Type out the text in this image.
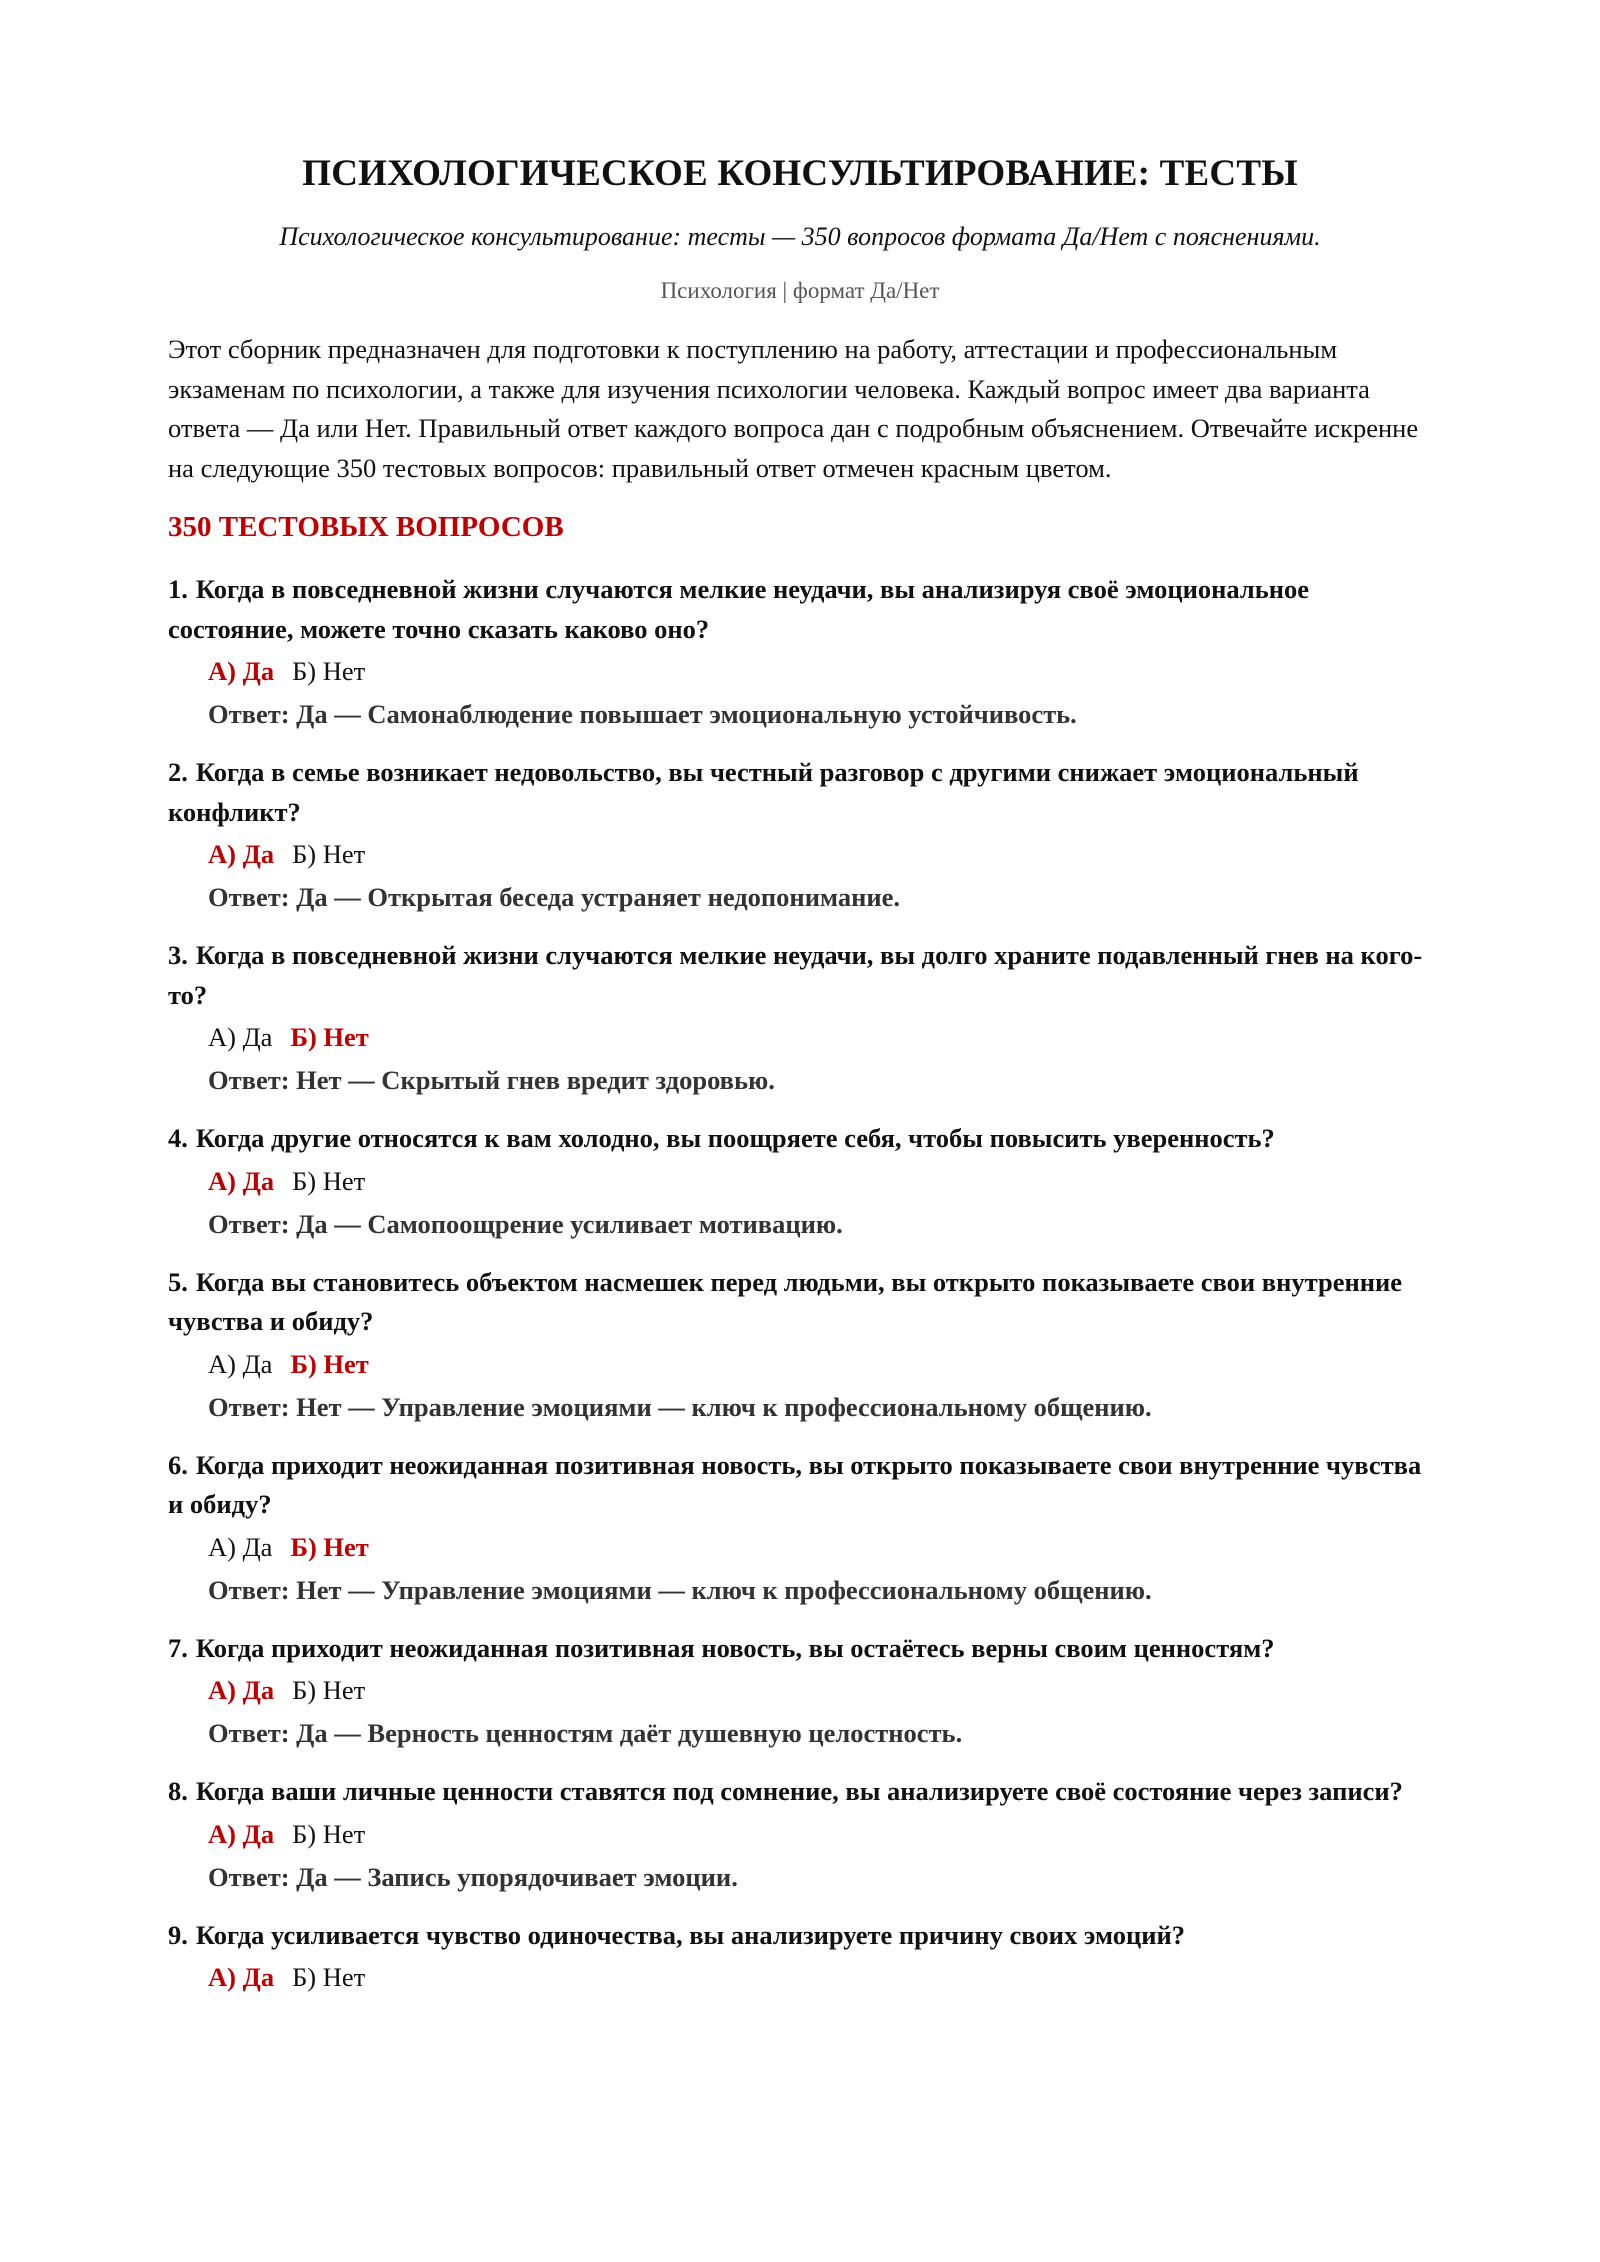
ПСИХОЛОГИЧЕСКОЕ КОНСУЛЬТИРОВАНИЕ: ТЕСТЫ

Психологическое консультирование: тесты — 350 вопросов формата Да/Нет с пояснениями.

Психология | формат Да/Нет

Этот сборник предназначен для подготовки к поступлению на работу, аттестации и профессиональным экзаменам по психологии, а также для изучения психологии человека. Каждый вопрос имеет два варианта ответа — Да или Нет. Правильный ответ каждого вопроса дан с подробным объяснением. Отвечайте искренне на следующие 350 тестовых вопросов: правильный ответ отмечен красным цветом.

350 ТЕСТОВЫХ ВОПРОСОВ
1. Когда в повседневной жизни случаются мелкие неудачи, вы анализируя своё эмоциональное состояние, можете точно сказать каково оно?
А) Да Б) Нет
Ответ: Да — Самонаблюдение повышает эмоциональную устойчивость.
2. Когда в семье возникает недовольство, вы честный разговор с другими снижает эмоциональный конфликт?
А) Да Б) Нет
Ответ: Да — Открытая беседа устраняет недопонимание.
3. Когда в повседневной жизни случаются мелкие неудачи, вы долго храните подавленный гнев на кого-то?
А) Да Б) Нет
Ответ: Нет — Скрытый гнев вредит здоровью.
4. Когда другие относятся к вам холодно, вы поощряете себя, чтобы повысить уверенность?
А) Да Б) Нет
Ответ: Да — Самопоощрение усиливает мотивацию.
5. Когда вы становитесь объектом насмешек перед людьми, вы открыто показываете свои внутренние чувства и обиду?
А) Да Б) Нет
Ответ: Нет — Управление эмоциями — ключ к профессиональному общению.
6. Когда приходит неожиданная позитивная новость, вы открыто показываете свои внутренние чувства и обиду?
А) Да Б) Нет
Ответ: Нет — Управление эмоциями — ключ к профессиональному общению.
7. Когда приходит неожиданная позитивная новость, вы остаётесь верны своим ценностям?
А) Да Б) Нет
Ответ: Да — Верность ценностям даёт душевную целостность.
8. Когда ваши личные ценности ставятся под сомнение, вы анализируете своё состояние через записи?
А) Да Б) Нет
Ответ: Да — Запись упорядочивает эмоции.
9. Когда усиливается чувство одиночества, вы анализируете причину своих эмоций?
А) Да Б) Нет
